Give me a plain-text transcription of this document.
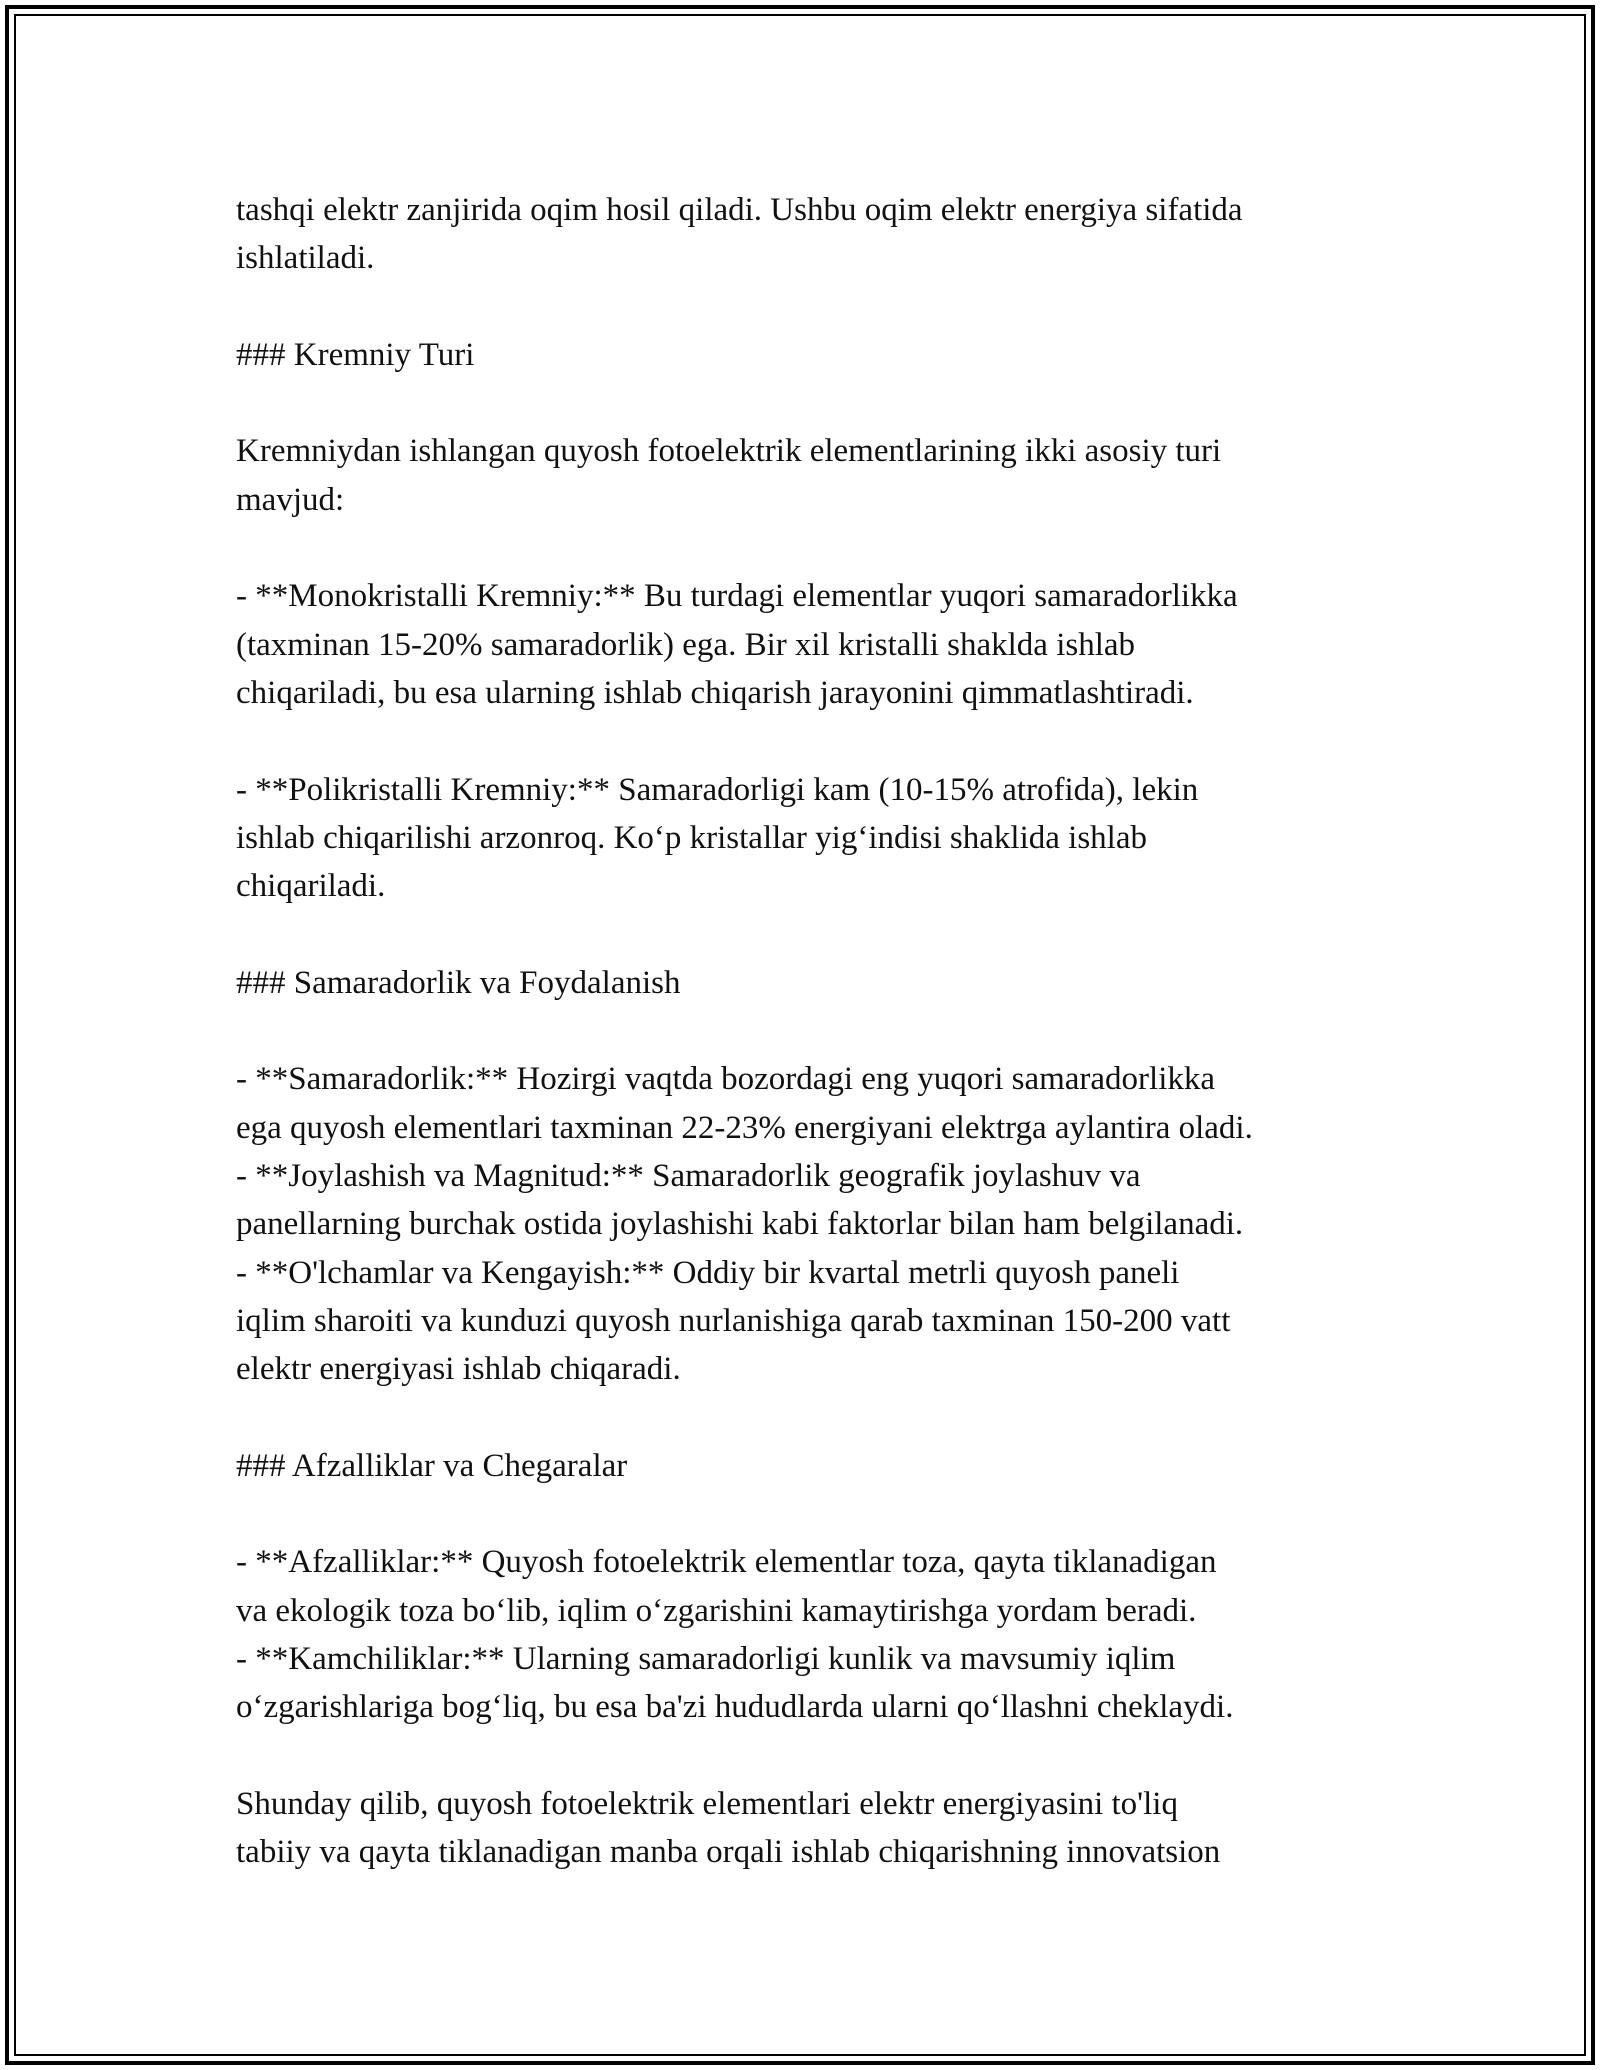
tashqi elektr zanjirida oqim hosil qiladi. Ushbu oqim elektr energiya sifatida
ishlatiladi.

### Kremniy Turi

Kremniydan ishlangan quyosh fotoelektrik elementlarining ikki asosiy turi
mavjud:

- **Monokristalli Kremniy:** Bu turdagi elementlar yuqori samaradorlikka
(taxminan 15-20% samaradorlik) ega. Bir xil kristalli shaklda ishlab
chiqariladi, bu esa ularning ishlab chiqarish jarayonini qimmatlashtiradi.

- **Polikristalli Kremniy:** Samaradorligi kam (10-15% atrofida), lekin
ishlab chiqarilishi arzonroq. Koʻp kristallar yigʻindisi shaklida ishlab
chiqariladi.

### Samaradorlik va Foydalanish

- **Samaradorlik:** Hozirgi vaqtda bozordagi eng yuqori samaradorlikka
ega quyosh elementlari taxminan 22-23% energiyani elektrga aylantira oladi.
- **Joylashish va Magnitud:** Samaradorlik geografik joylashuv va
panellarning burchak ostida joylashishi kabi faktorlar bilan ham belgilanadi.
- **O'lchamlar va Kengayish:** Oddiy bir kvartal metrli quyosh paneli
iqlim sharoiti va kunduzi quyosh nurlanishiga qarab taxminan 150-200 vatt
elektr energiyasi ishlab chiqaradi.

### Afzalliklar va Chegaralar

- **Afzalliklar:** Quyosh fotoelektrik elementlar toza, qayta tiklanadigan
va ekologik toza boʻlib, iqlim oʻzgarishini kamaytirishga yordam beradi.
- **Kamchiliklar:** Ularning samaradorligi kunlik va mavsumiy iqlim
oʻzgarishlariga bogʻliq, bu esa ba'zi hududlarda ularni qoʻllashni cheklaydi.

Shunday qilib, quyosh fotoelektrik elementlari elektr energiyasini to'liq
tabiiy va qayta tiklanadigan manba orqali ishlab chiqarishning innovatsion
